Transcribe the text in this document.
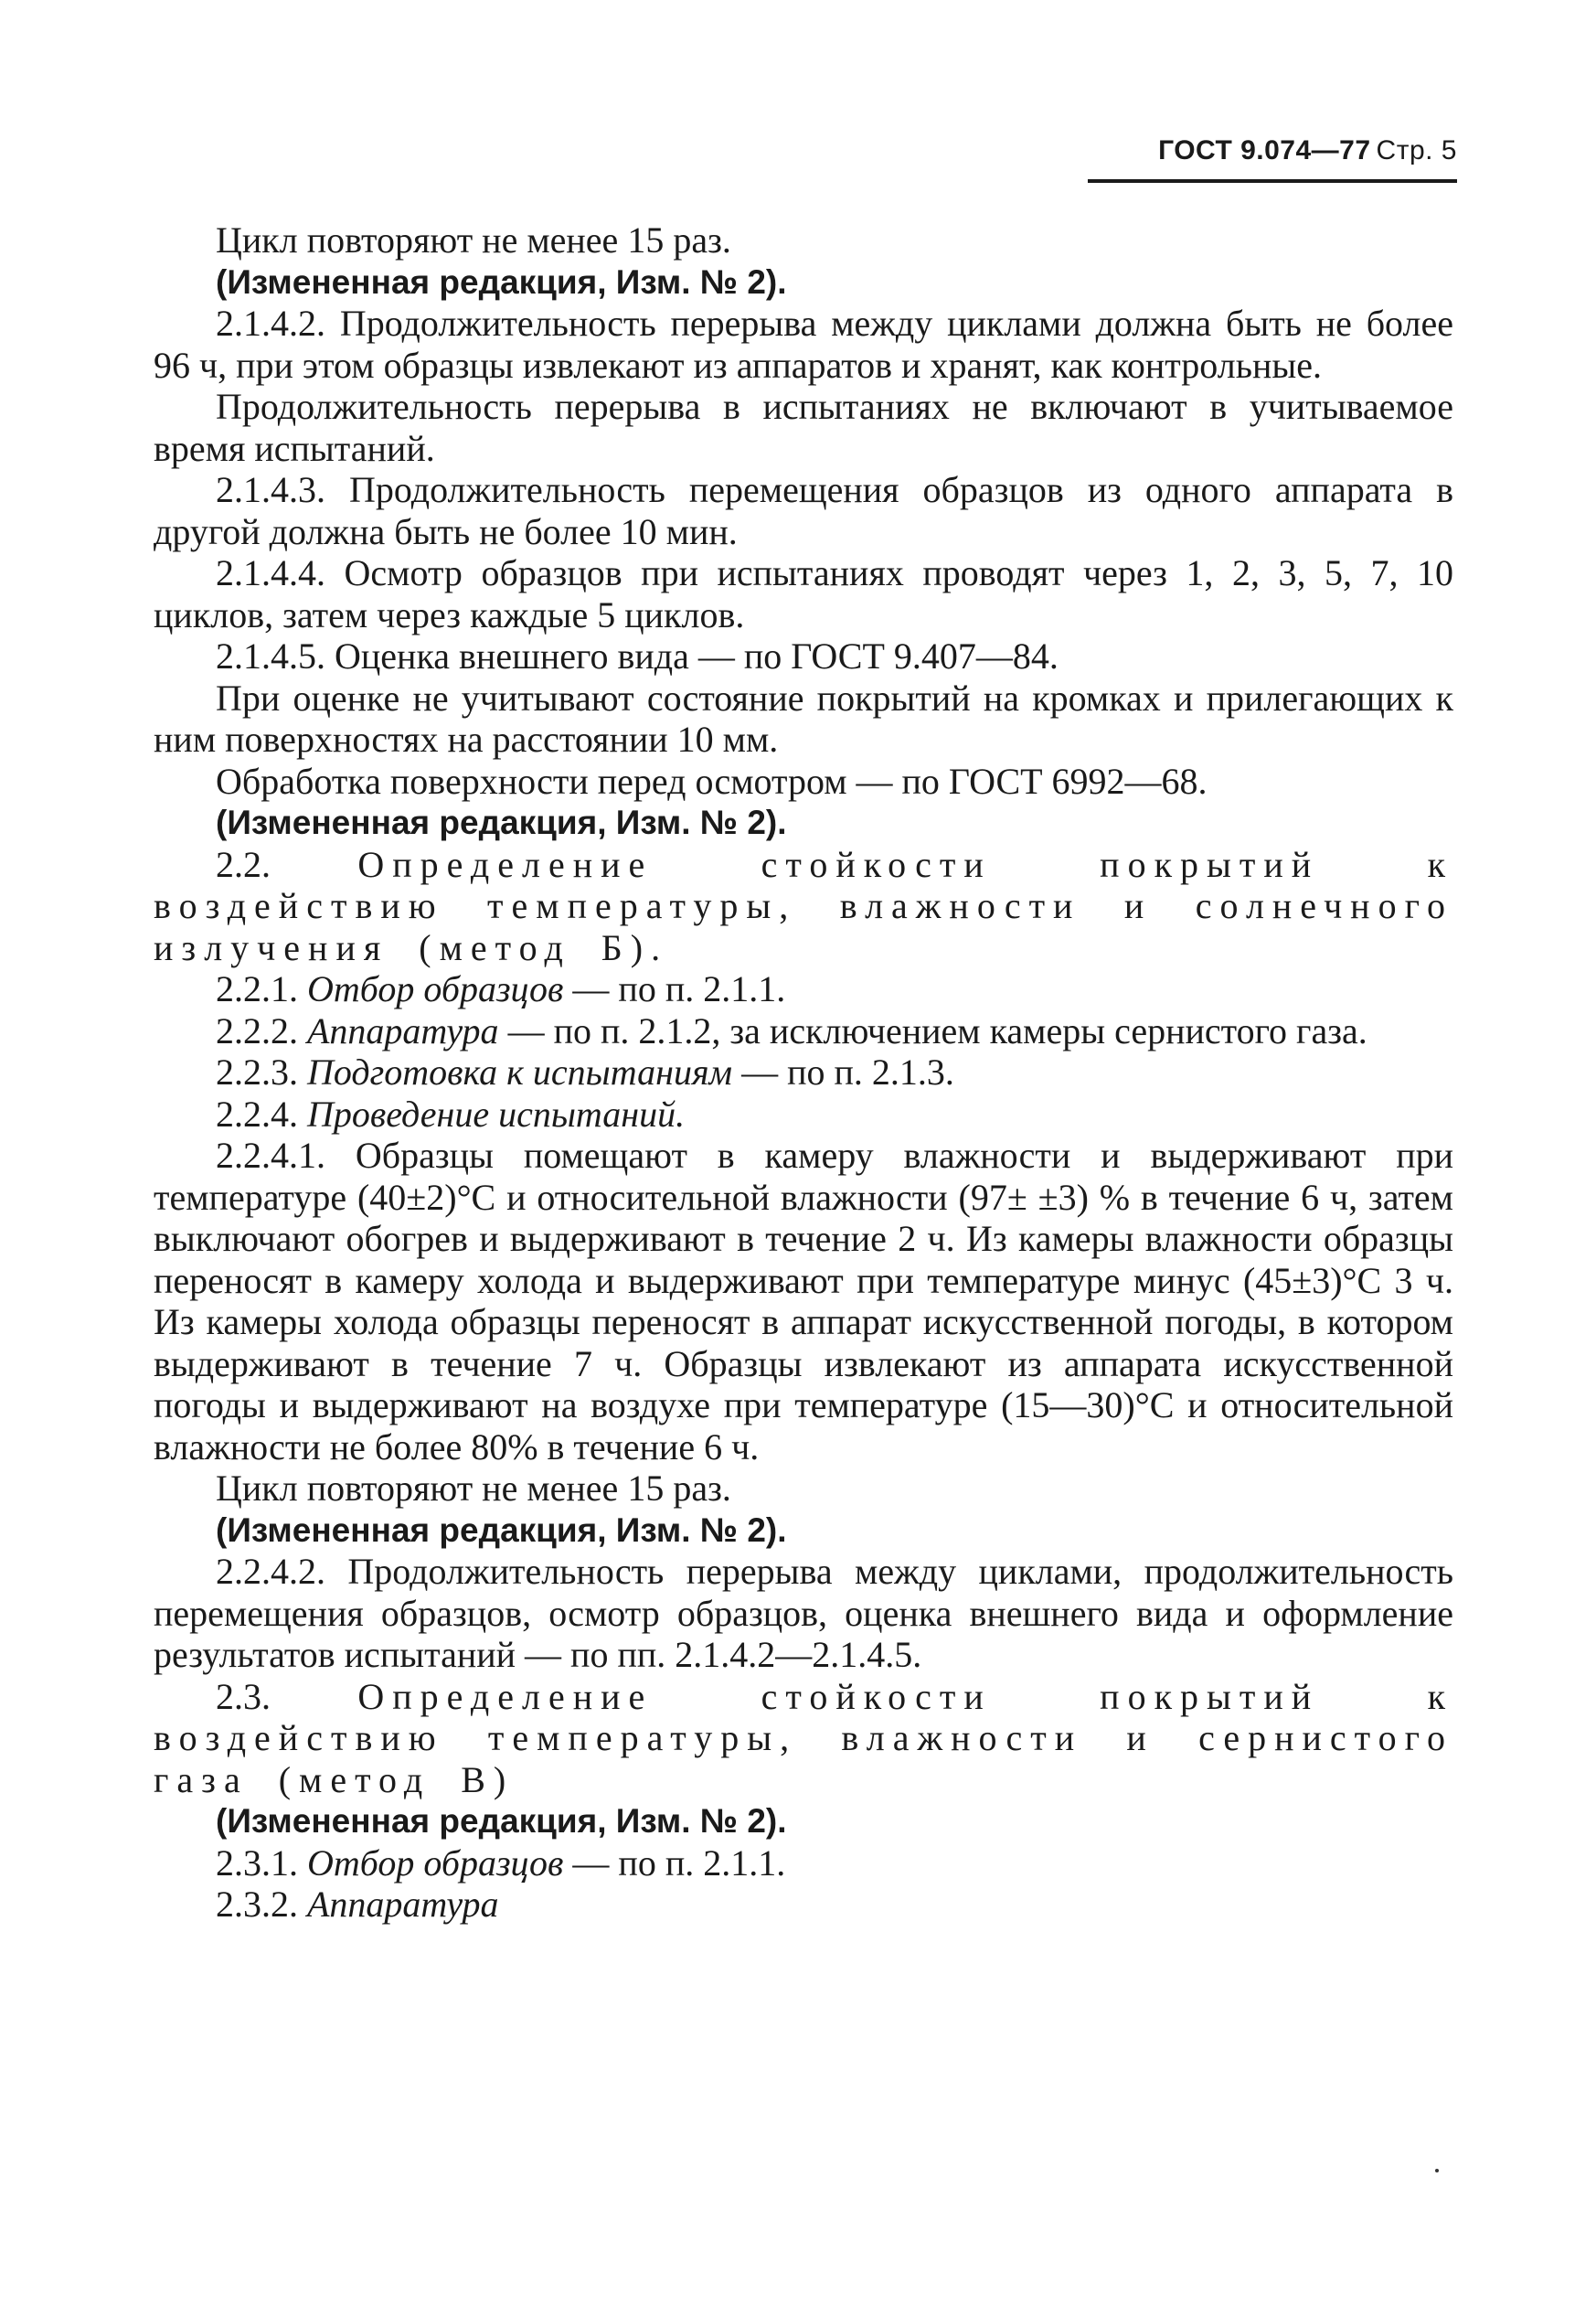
ГОСТ 9.074—77 Стр. 5

Цикл повторяют не менее 15 раз.

(Измененная редакция, Изм. № 2).

2.1.4.2. Продолжительность перерыва между циклами должна быть не более 96 ч, при этом образцы извлекают из аппаратов и хранят, как контрольные.

Продолжительность перерыва в испытаниях не включают в учитываемое время испытаний.

2.1.4.3. Продолжительность перемещения образцов из одного аппарата в другой должна быть не более 10 мин.

2.1.4.4. Осмотр образцов при испытаниях проводят через 1, 2, 3, 5, 7, 10 циклов, затем через каждые 5 циклов.

2.1.4.5. Оценка внешнего вида — по ГОСТ 9.407—84.

При оценке не учитывают состояние покрытий на кромках и прилегающих к ним поверхностях на расстоянии 10 мм.

Обработка поверхности перед осмотром — по ГОСТ 6992—68.

(Измененная редакция, Изм. № 2).

2.2. Определение стойкости покрытий к воздействию температуры, влажности и солнечного излучения (метод Б).

2.2.1. Отбор образцов — по п. 2.1.1.

2.2.2. Аппаратура — по п. 2.1.2, за исключением камеры сернистого газа.

2.2.3. Подготовка к испытаниям — по п. 2.1.3.

2.2.4. Проведение испытаний.

2.2.4.1. Образцы помещают в камеру влажности и выдерживают при температуре (40±2)°С и относительной влажности (97± ±3) % в течение 6 ч, затем выключают обогрев и выдерживают в течение 2 ч. Из камеры влажности образцы переносят в камеру холода и выдерживают при температуре минус (45±3)°С 3 ч. Из камеры холода образцы переносят в аппарат искусственной погоды, в котором выдерживают в течение 7 ч. Образцы извлекают из аппарата искусственной погоды и выдерживают на воздухе при температуре (15—30)°С и относительной влажности не более 80% в течение 6 ч.

Цикл повторяют не менее 15 раз.

(Измененная редакция, Изм. № 2).

2.2.4.2. Продолжительность перерыва между циклами, продолжительность перемещения образцов, осмотр образцов, оценка внешнего вида и оформление результатов испытаний — по пп. 2.1.4.2—2.1.4.5.

2.3. Определение стойкости покрытий к воздействию температуры, влажности и сернистого газа (метод В)

(Измененная редакция, Изм. № 2).

2.3.1. Отбор образцов — по п. 2.1.1.

2.3.2. Аппаратура
